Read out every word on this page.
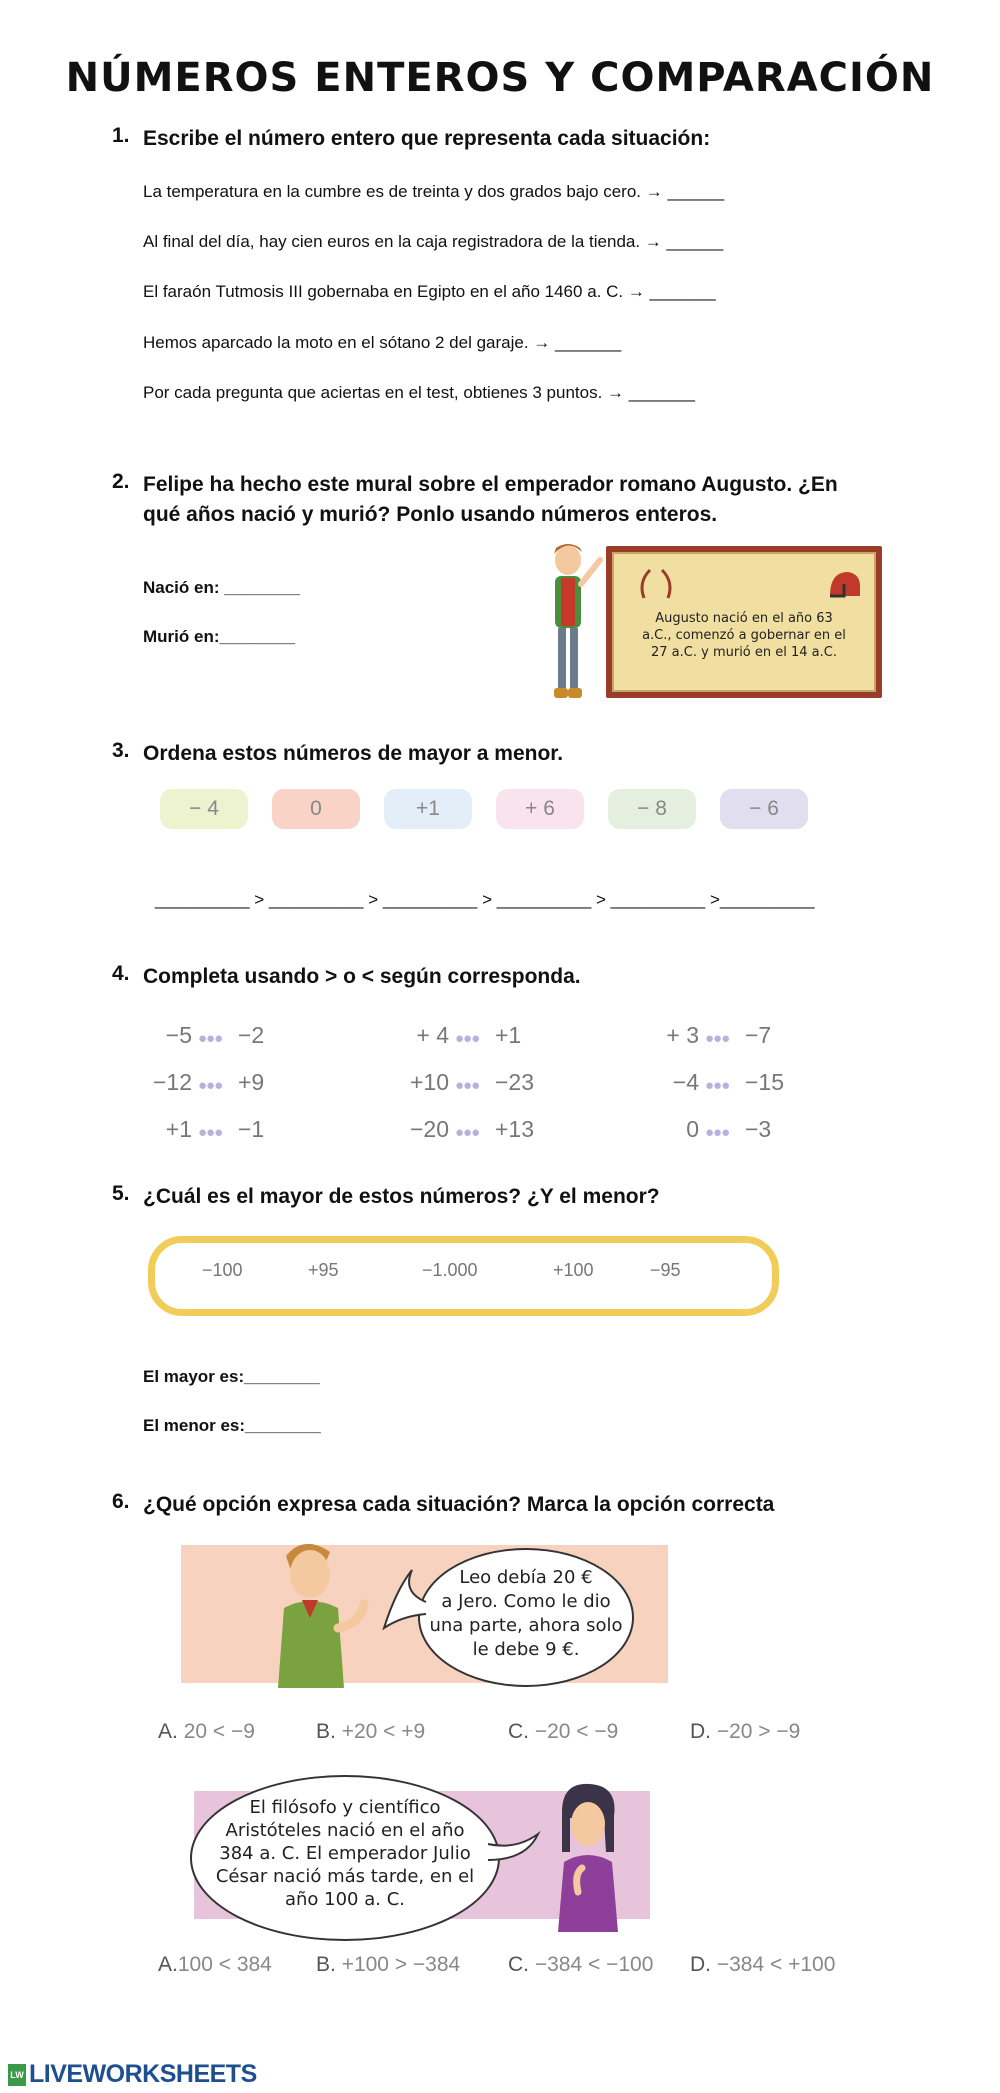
NÚMEROS ENTEROS Y COMPARACIÓN
1. Escribe el número entero que representa cada situación:
La temperatura en la cumbre es de treinta y dos grados bajo cero. → ______
Al final del día, hay cien euros en la caja registradora de la tienda. → ______
El faraón Tutmosis III gobernaba en Egipto en el año 1460 a. C. → _______
Hemos aparcado la moto en el sótano 2 del garaje. → _______
Por cada pregunta que aciertas en el test, obtienes 3 puntos. → _______
2. Felipe ha hecho este mural sobre el emperador romano Augusto. ¿En
qué años nació y murió? Ponlo usando números enteros.
Nació en: ________
Murió en:________
Augusto nació en el año 63
a.C., comenzó a gobernar en el
27 a.C. y murió en el 14 a.C.
3. Ordena estos números de mayor a menor.
− 4	0	+1	+ 6	− 8	− 6
__________ > __________ > __________ > __________ > __________ >__________
4. Completa usando > o < según corresponda.
−5 ●●● −2	+ 4 ●●● +1	+ 3 ●●● −7
−12 ●●● +9	+10 ●●● −23	−4 ●●● −15
+1 ●●● −1	−20 ●●● +13	0 ●●● −3
5. ¿Cuál es el mayor de estos números? ¿Y el menor?
−100	+95	−1.000	+100	−95
El mayor es:________
El menor es:________
6. ¿Qué opción expresa cada situación? Marca la opción correcta
Leo debía 20 €
a Jero. Como le dio
una parte, ahora solo
le debe 9 €.
A. 20 < −9	B. +20 < +9	C. −20 < −9	D. −20 > −9
El filósofo y científico
Aristóteles nació en el año
384 a. C. El emperador Julio
César nació más tarde, en el
año 100 a. C.
A.100 < 384 B. +100 > −384 C. −384 < −100 D. −384 < +100
LW LIVEWORKSHEETS
